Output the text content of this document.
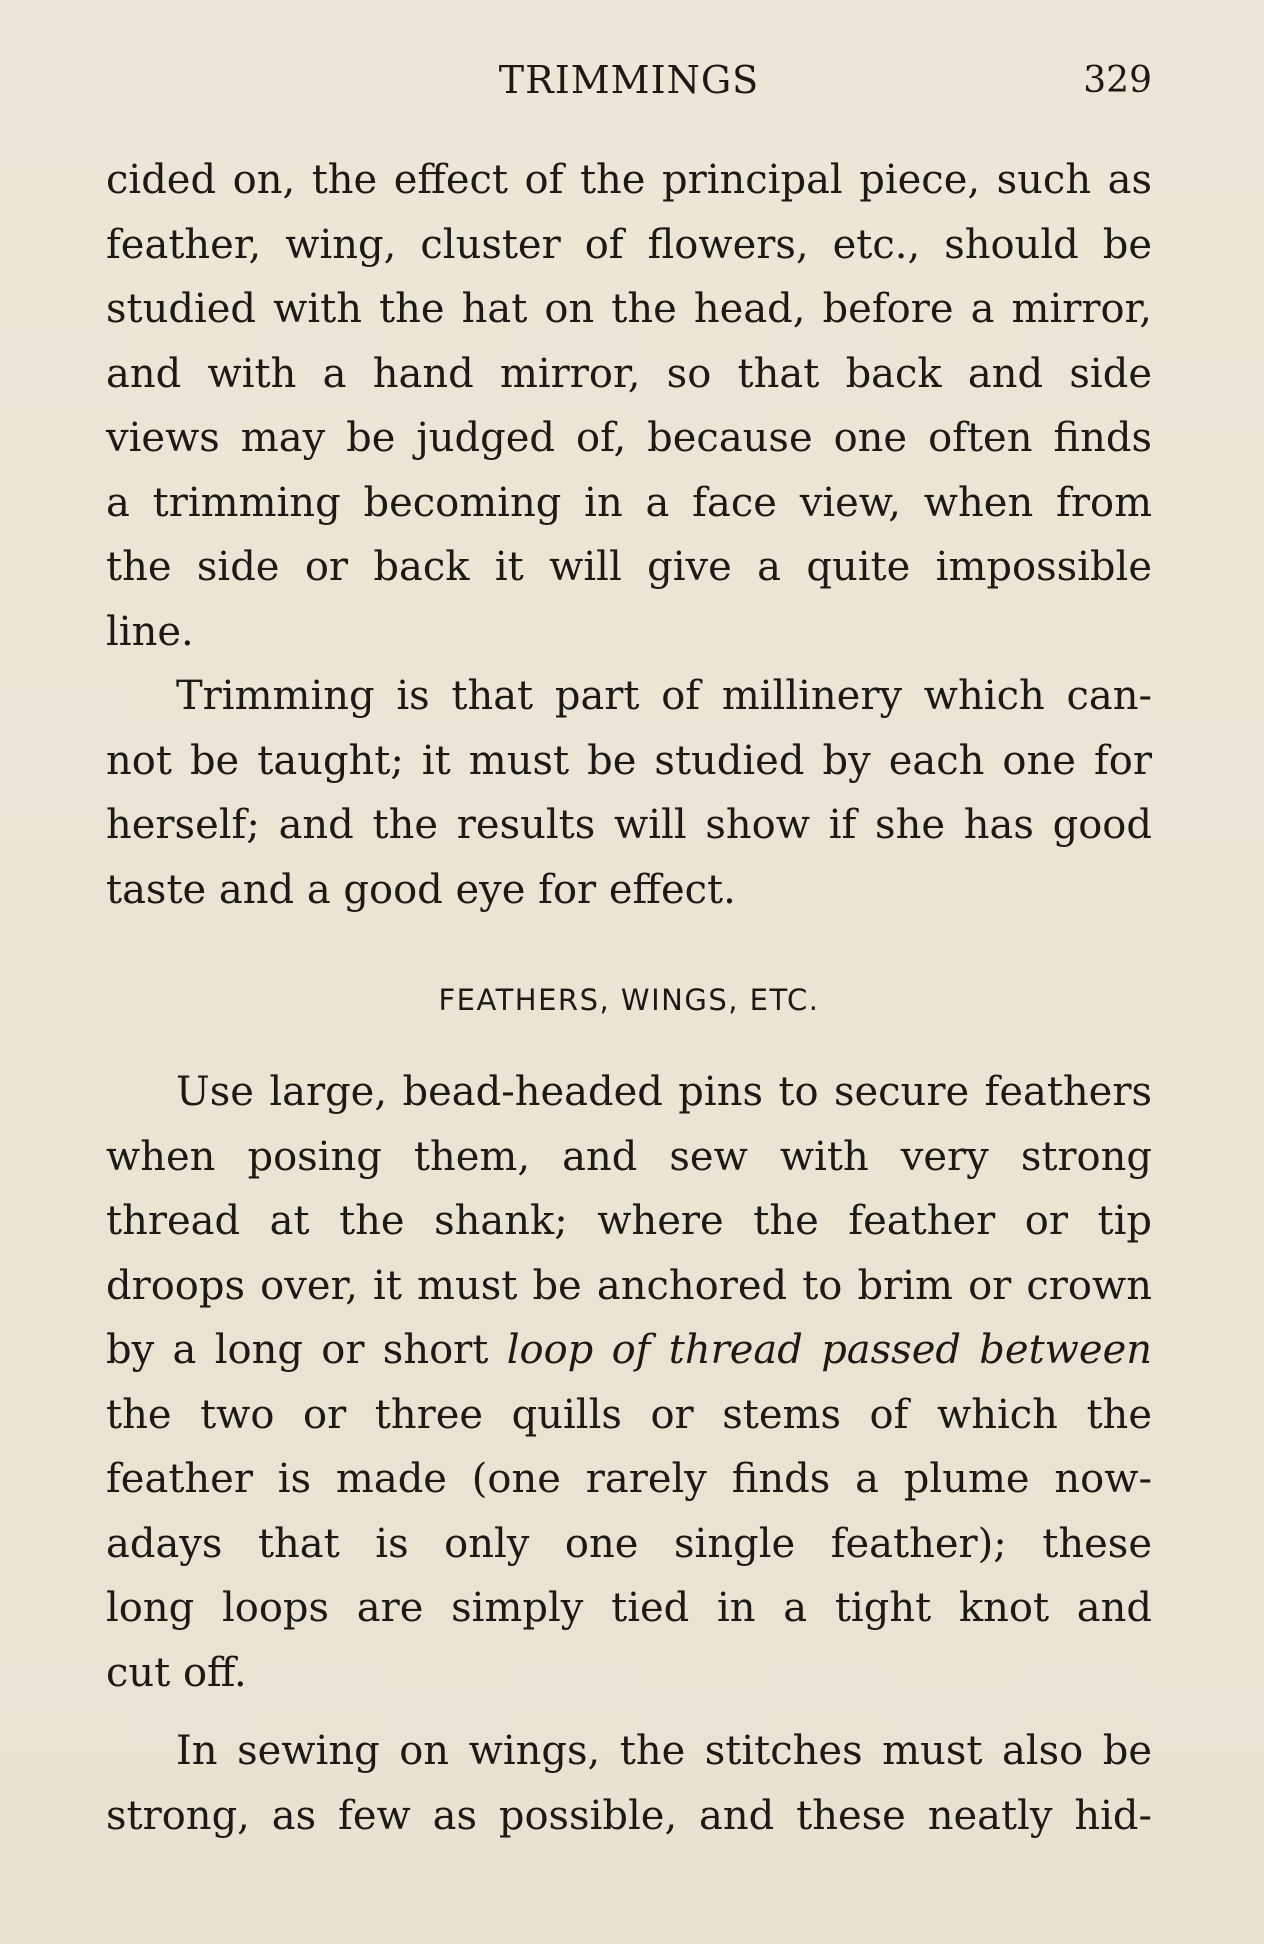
TRIMMINGS	329
cided on, the effect of the principal piece, such as
feather, wing, cluster of flowers, etc., should be
studied with the hat on the head, before a mirror,
and with a hand mirror, so that back and side
views may be judged of, because one often finds
a trimming becoming in a face view, when from
the side or back it will give a quite impossible
line.
Trimming is that part of millinery which can-
not be taught; it must be studied by each one for
herself; and the results will show if she has good
taste and a good eye for effect.
FEATHERS, WINGS, ETC.
Use large, bead-headed pins to secure feathers
when posing them, and sew with very strong
thread at the shank; where the feather or tip
droops over, it must be anchored to brim or crown
by a long or short loop of thread passed between
the two or three quills or stems of which the
feather is made (one rarely finds a plume now-
adays that is only one single feather); these
long loops are simply tied in a tight knot and
cut off.
In sewing on wings, the stitches must also be
strong, as few as possible, and these neatly hid-
